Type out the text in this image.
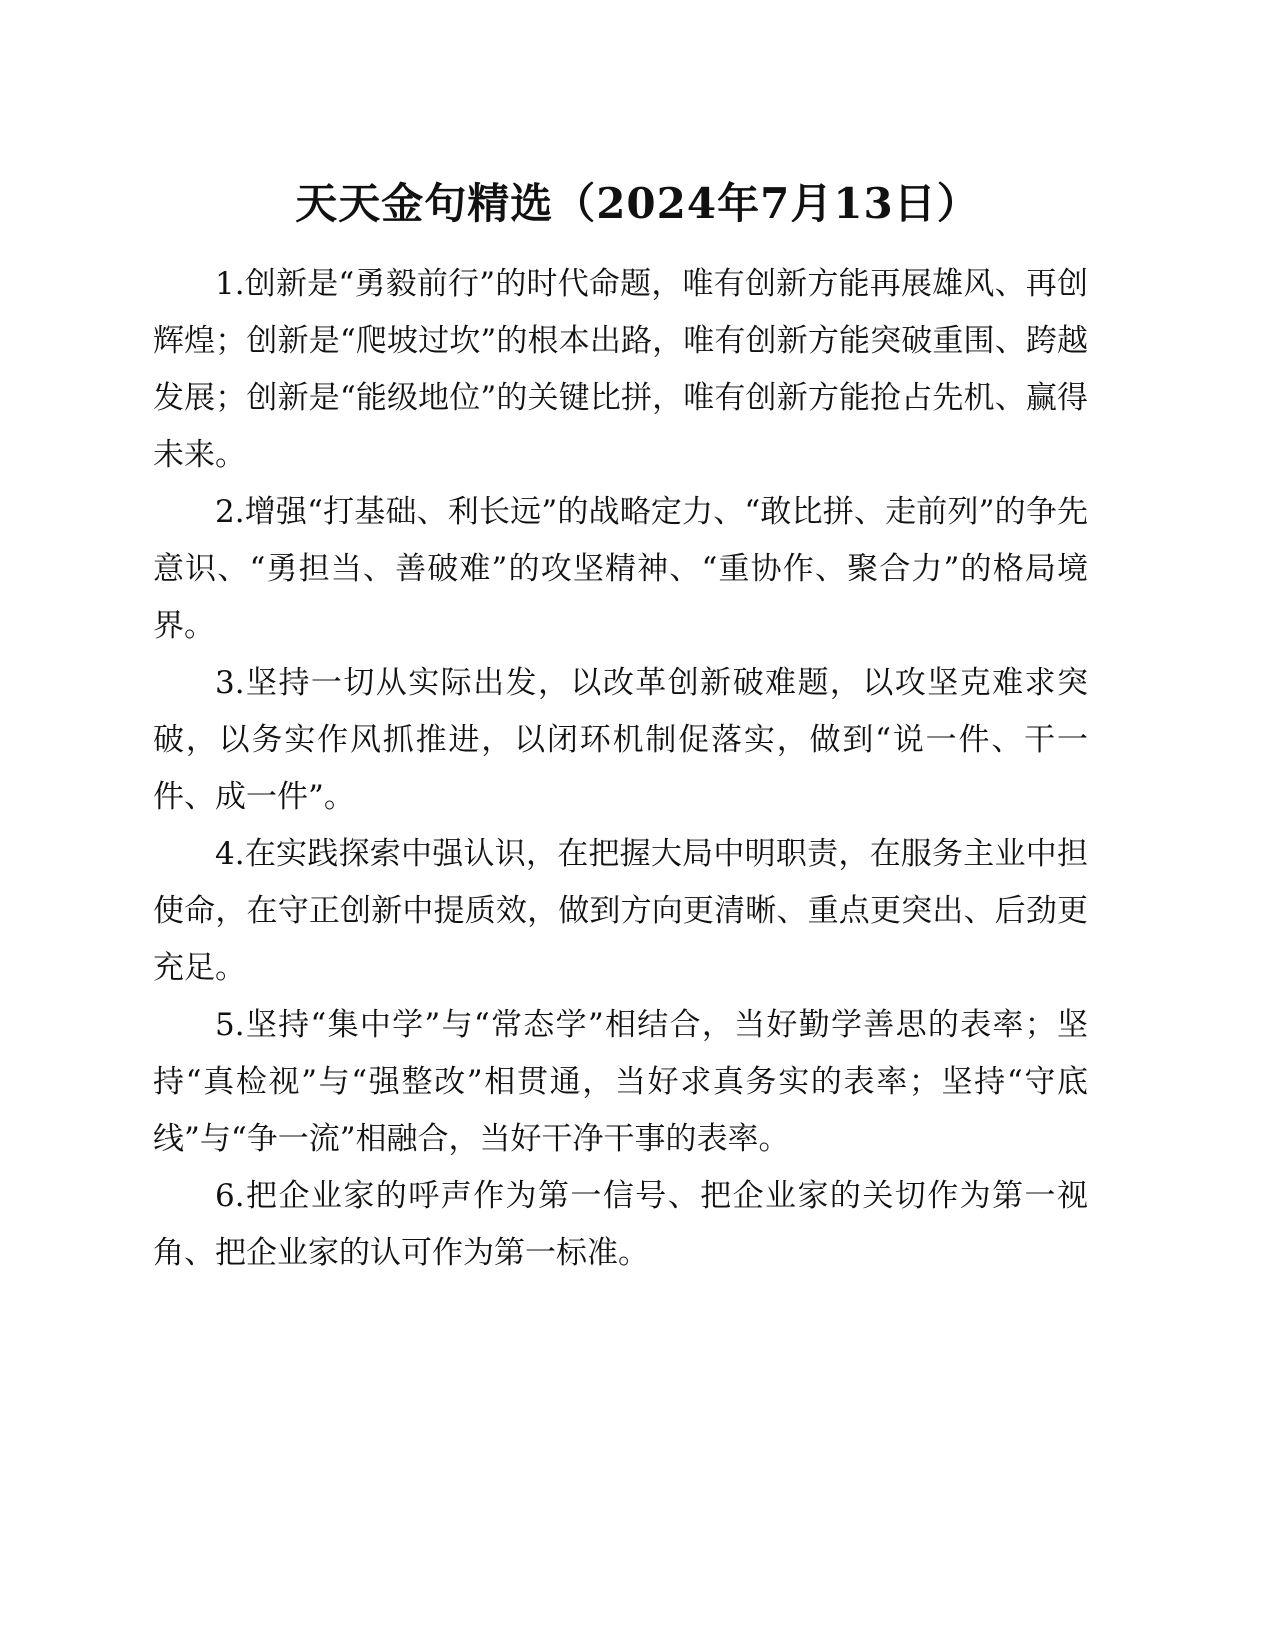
天天金句精选（2024年7月13日）

1.创新是“勇毅前行”的时代命题，唯有创新方能再展雄风、再创辉煌；创新是“爬坡过坎”的根本出路，唯有创新方能突破重围、跨越发展；创新是“能级地位”的关键比拼，唯有创新方能抢占先机、赢得未来。

2.增强“打基础、利长远”的战略定力、“敢比拼、走前列”的争先意识、“勇担当、善破难”的攻坚精神、“重协作、聚合力”的格局境界。

3.坚持一切从实际出发，以改革创新破难题，以攻坚克难求突破，以务实作风抓推进，以闭环机制促落实，做到“说一件、干一件、成一件”。

4.在实践探索中强认识，在把握大局中明职责，在服务主业中担使命，在守正创新中提质效，做到方向更清晰、重点更突出、后劲更充足。

5.坚持“集中学”与“常态学”相结合，当好勤学善思的表率；坚持“真检视”与“强整改”相贯通，当好求真务实的表率；坚持“守底线”与“争一流”相融合，当好干净干事的表率。

6.把企业家的呼声作为第一信号、把企业家的关切作为第一视角、把企业家的认可作为第一标准。
